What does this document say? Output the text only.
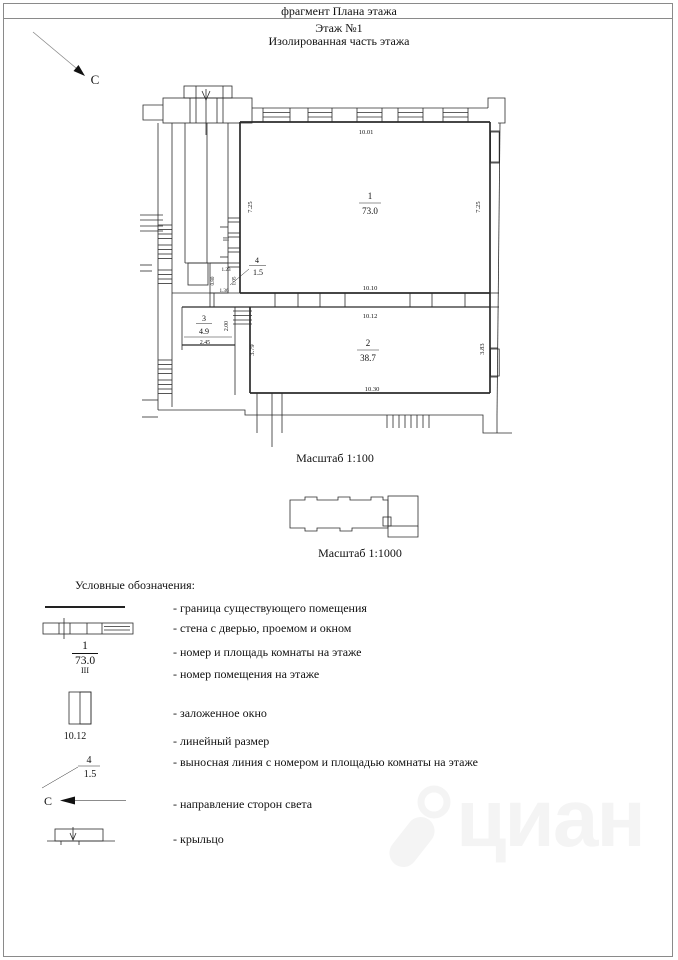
фрагмент Плана этажа
Этаж №1
Изолированная часть этажа
С
10.01
7.25	7.25
1
73.0
III
4
1.5
1.23
1.05
0.80
1.36	10.10
10.12
2
38.7
10.30
3.79	3.83
3
4.9
2.45
2.00
Масштаб 1:100
Масштаб 1:1000
Условные обозначения:
- граница существующего помещения
- стена с дверью, проемом и окном
1
73.0
- номер и площадь комнаты на этаже
III	- номер помещения на этаже
- заложенное окно
10.12	- линейный размер
4
1.5
- выносная линия с номером и площадью комнаты на этаже
С	- направление сторон света
- крыльцо
